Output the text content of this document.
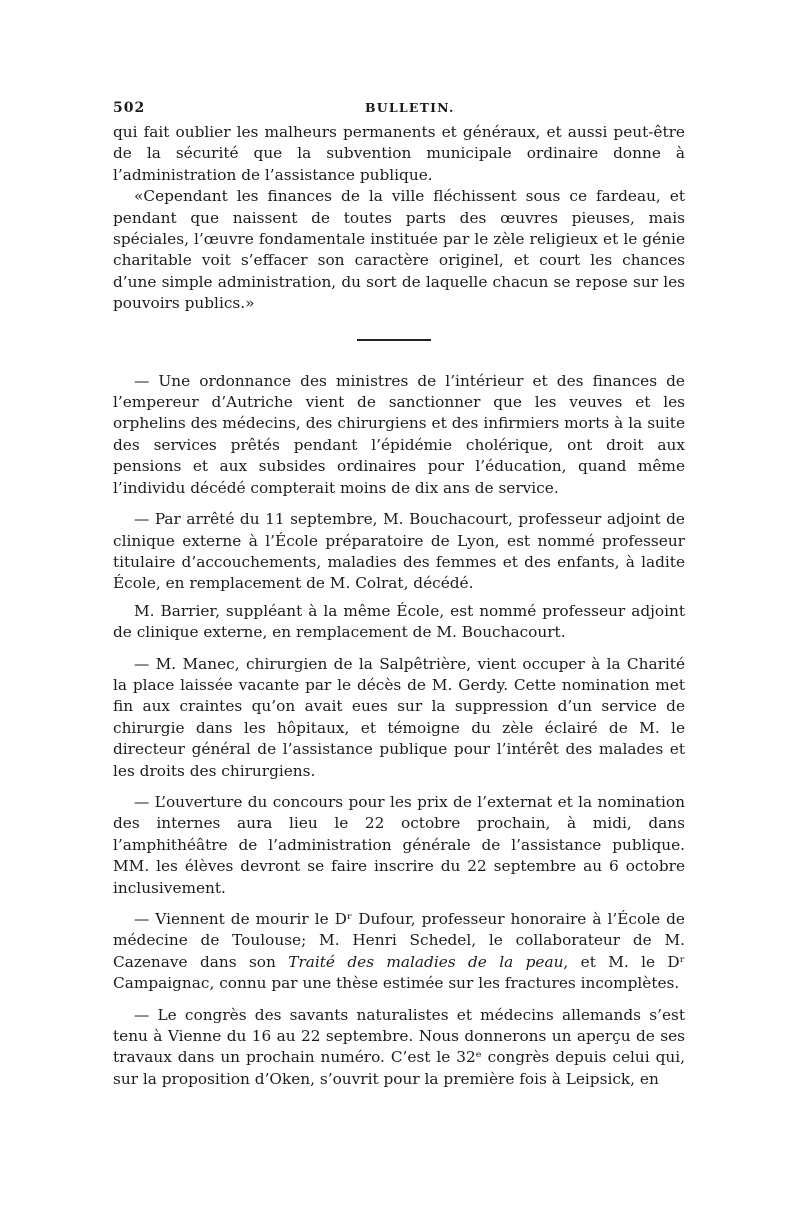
502	BULLETIN.

qui fait oublier les malheurs permanents et généraux, et aussi peut-être de la sécurité que la subvention municipale ordinaire donne à l’administration de l’assistance publique.

«Cependant les finances de la ville fléchissent sous ce fardeau, et pendant que naissent de toutes parts des œuvres pieuses, mais spéciales, l’œuvre fondamentale instituée par le zèle religieux et le génie charitable voit s’effacer son caractère originel, et court les chances d’une simple administration, du sort de laquelle chacun se repose sur les pouvoirs publics.»

— Une ordonnance des ministres de l’intérieur et des finances de l’empereur d’Autriche vient de sanctionner que les veuves et les orphelins des médecins, des chirurgiens et des infirmiers morts à la suite des services prêtés pendant l’épidémie cholérique, ont droit aux pensions et aux subsides ordinaires pour l’éducation, quand même l’individu décédé compterait moins de dix ans de service.

— Par arrêté du 11 septembre, M. Bouchacourt, professeur adjoint de clinique externe à l’École préparatoire de Lyon, est nommé professeur titulaire d’accouchements, maladies des femmes et des enfants, à ladite École, en remplacement de M. Colrat, décédé.

M. Barrier, suppléant à la même École, est nommé professeur adjoint de clinique externe, en remplacement de M. Bouchacourt.

— M. Manec, chirurgien de la Salpêtrière, vient occuper à la Charité la place laissée vacante par le décès de M. Gerdy. Cette nomination met fin aux craintes qu’on avait eues sur la suppression d’un service de chirurgie dans les hôpitaux, et témoigne du zèle éclairé de M. le directeur général de l’assistance publique pour l’intérêt des malades et les droits des chirurgiens.

— L’ouverture du concours pour les prix de l’externat et la nomination des internes aura lieu le 22 octobre prochain, à midi, dans l’amphithéâtre de l’administration générale de l’assistance publique. MM. les élèves devront se faire inscrire du 22 septembre au 6 octobre inclusivement.

— Viennent de mourir le Dʳ Dufour, professeur honoraire à l’École de médecine de Toulouse; M. Henri Schedel, le collaborateur de M. Cazenave dans son Traité des maladies de la peau, et M. le Dʳ Campaignac, connu par une thèse estimée sur les fractures incomplètes.

— Le congrès des savants naturalistes et médecins allemands s’est tenu à Vienne du 16 au 22 septembre. Nous donnerons un aperçu de ses travaux dans un prochain numéro. C’est le 32ᵉ congrès depuis celui qui, sur la proposition d’Oken, s’ouvrit pour la première fois à Leipsick, en
